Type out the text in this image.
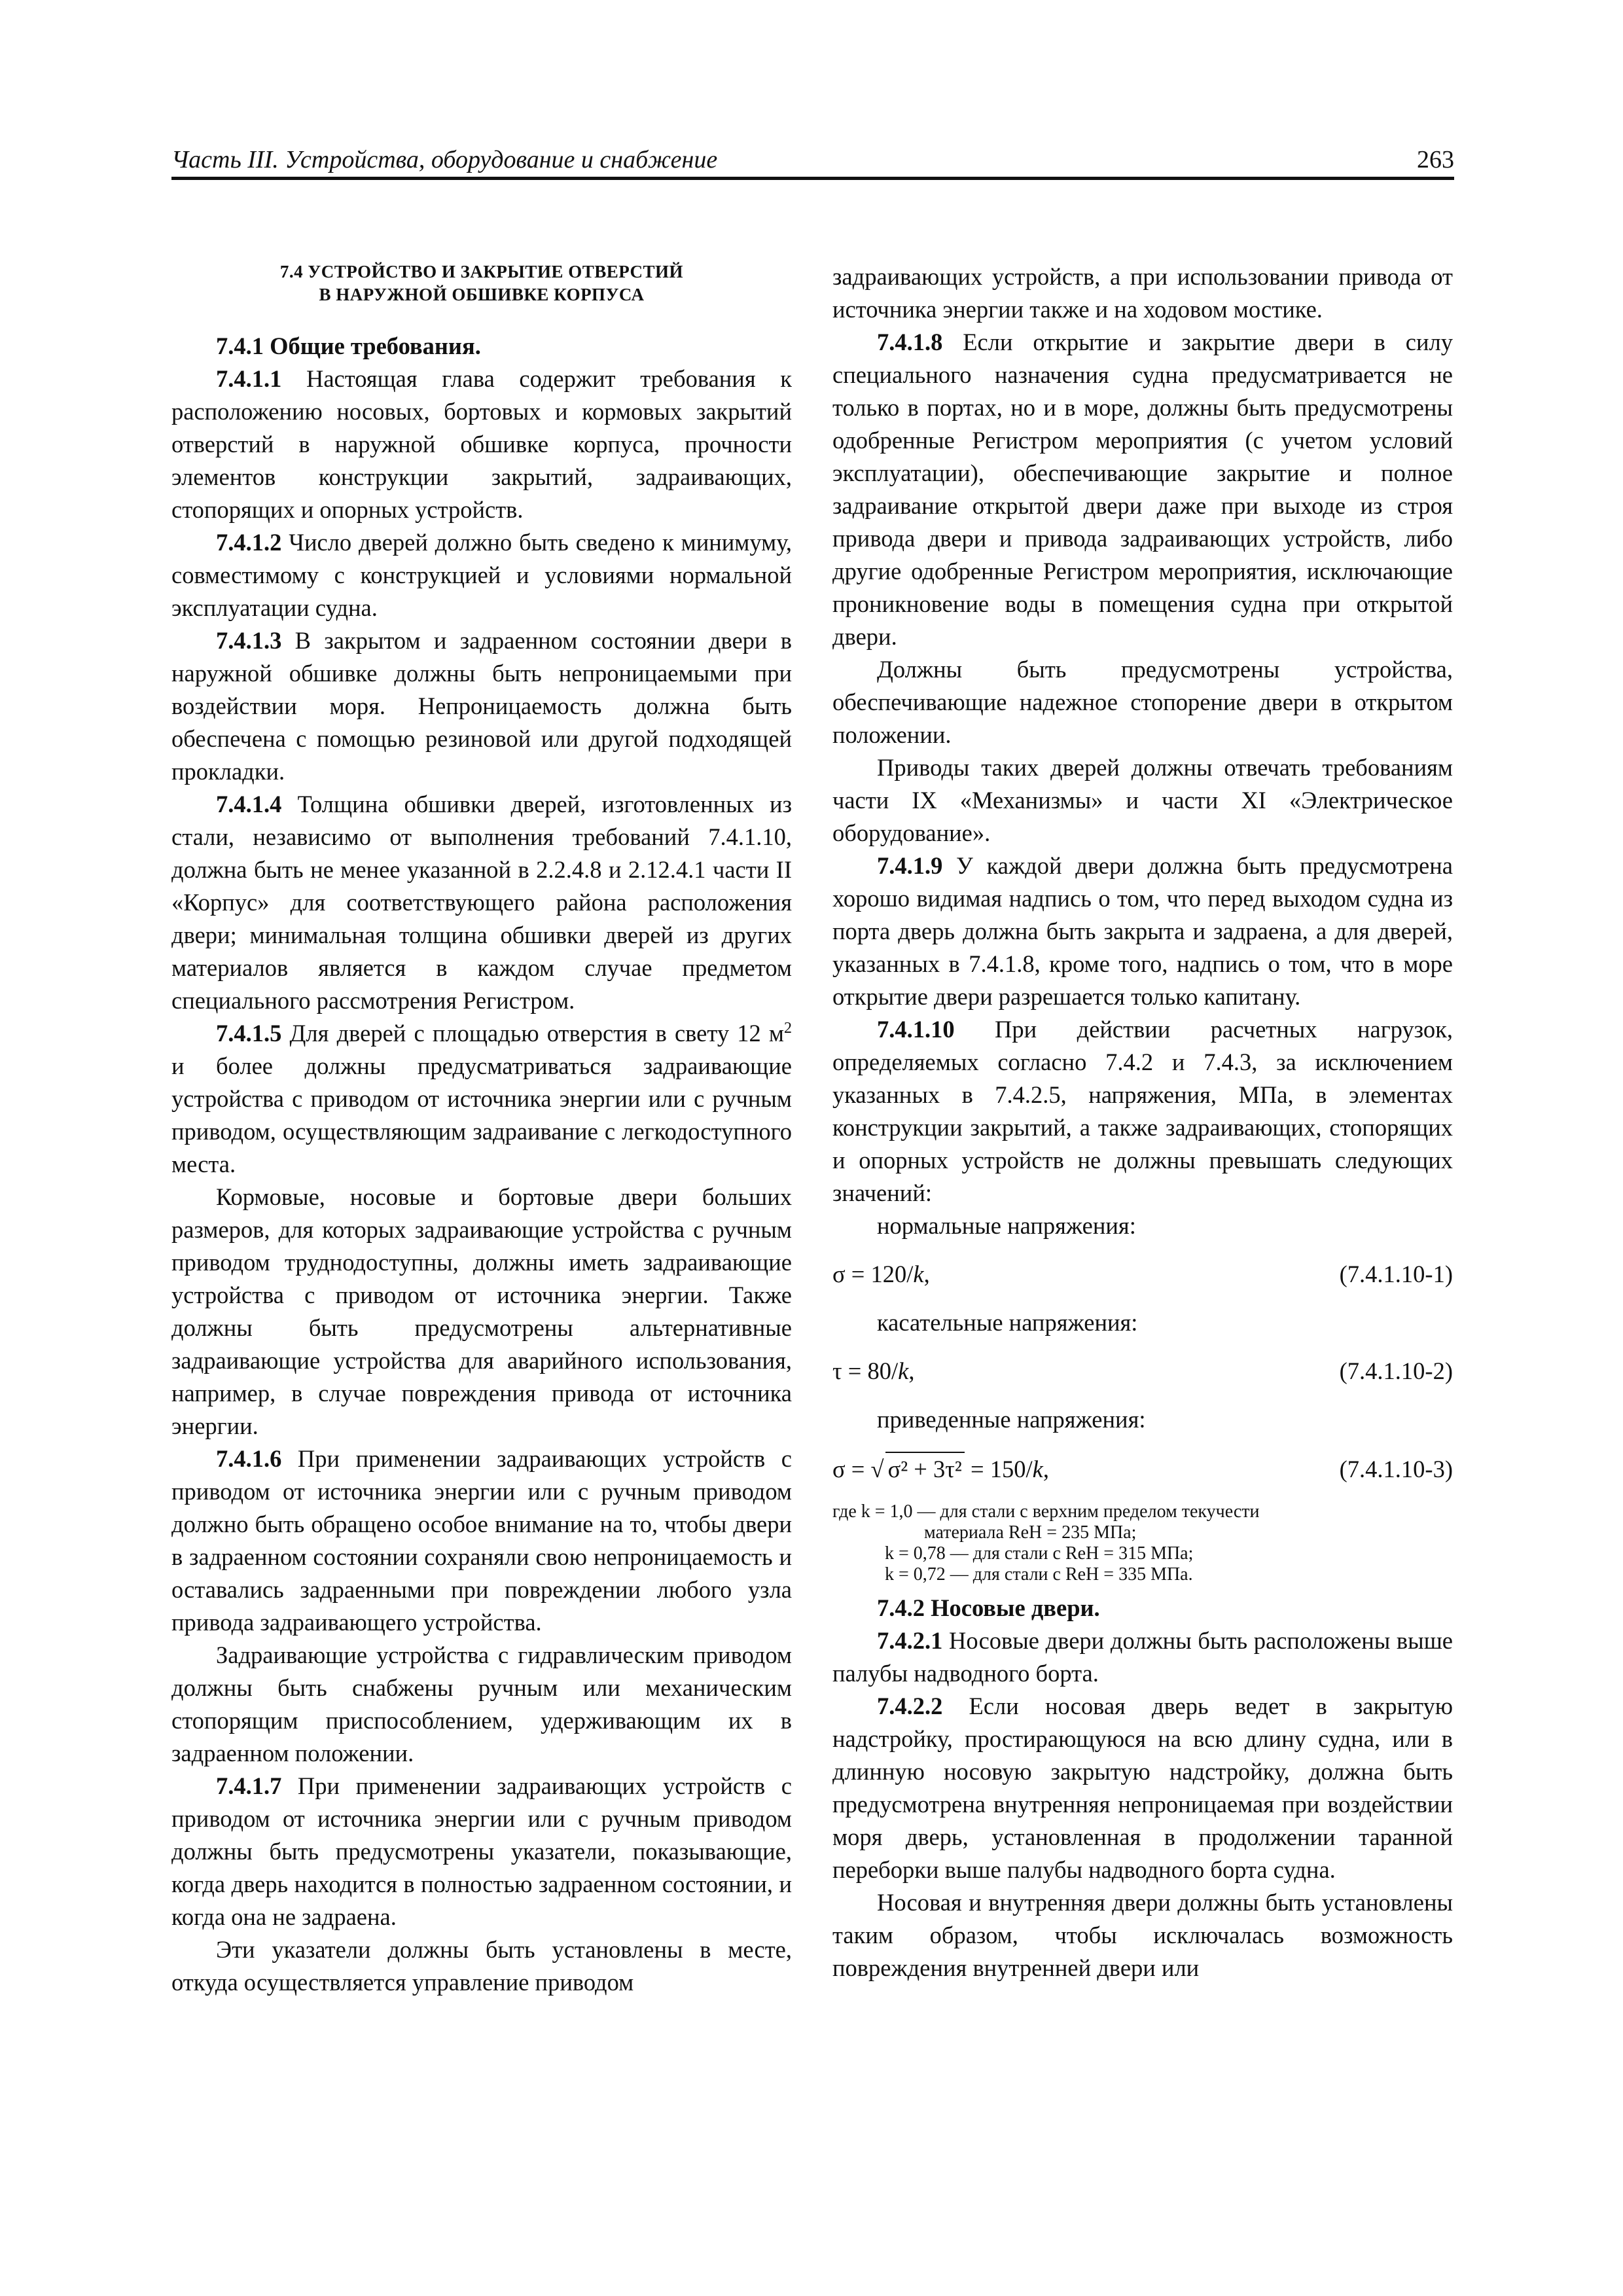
Часть III. Устройства, оборудование и снабжение	263

7.4 УСТРОЙСТВО И ЗАКРЫТИЕ ОТВЕРСТИЙ
В НАРУЖНОЙ ОБШИВКЕ КОРПУСА

7.4.1 Общие требования.

7.4.1.1 Настоящая глава содержит требования к расположению носовых, бортовых и кормовых закрытий отверстий в наружной обшивке корпуса, прочности элементов конструкции закрытий, задраивающих, стопорящих и опорных устройств.

7.4.1.2 Число дверей должно быть сведено к минимуму, совместимому с конструкцией и условиями нормальной эксплуатации судна.

7.4.1.3 В закрытом и задраенном состоянии двери в наружной обшивке должны быть непроницаемыми при воздействии моря. Непроницаемость должна быть обеспечена с помощью резиновой или другой подходящей прокладки.

7.4.1.4 Толщина обшивки дверей, изготовленных из стали, независимо от выполнения требований 7.4.1.10, должна быть не менее указанной в 2.2.4.8 и 2.12.4.1 части II «Корпус» для соответствующего района расположения двери; минимальная толщина обшивки дверей из других материалов является в каждом случае предметом специального рассмотрения Регистром.

7.4.1.5 Для дверей с площадью отверстия в свету 12 $м^2$ и более должны предусматриваться задраивающие устройства с приводом от источника энергии или с ручным приводом, осуществляющим задраивание с легкодоступного места.

Кормовые, носовые и бортовые двери больших размеров, для которых задраивающие устройства с ручным приводом труднодоступны, должны иметь задраивающие устройства с приводом от источника энергии. Также должны быть предусмотрены альтернативные задраивающие устройства для аварийного использования, например, в случае повреждения привода от источника энергии.

7.4.1.6 При применении задраивающих устройств с приводом от источника энергии или с ручным приводом должно быть обращено особое внимание на то, чтобы двери в задраенном состоянии сохраняли свою непроницаемость и оставались задраенными при повреждении любого узла привода задраивающего устройства.

Задраивающие устройства с гидравлическим приводом должны быть снабжены ручным или механическим стопорящим приспособлением, удерживающим их в задраенном положении.

7.4.1.7 При применении задраивающих устройств с приводом от источника энергии или с ручным приводом должны быть предусмотрены указатели, показывающие, когда дверь находится в полностью задраенном состоянии, и когда она не задраена.

Эти указатели должны быть установлены в месте, откуда осуществляется управление приводом

задраивающих устройств, а при использовании привода от источника энергии также и на ходовом мостике.

7.4.1.8 Если открытие и закрытие двери в силу специального назначения судна предусматривается не только в портах, но и в море, должны быть предусмотрены одобренные Регистром мероприятия (с учетом условий эксплуатации), обеспечивающие закрытие и полное задраивание открытой двери даже при выходе из строя привода двери и привода задраивающих устройств, либо другие одобренные Регистром мероприятия, исключающие проникновение воды в помещения судна при открытой двери.

Должны быть предусмотрены устройства, обеспечивающие надежное стопорение двери в открытом положении.

Приводы таких дверей должны отвечать требованиям части IX «Механизмы» и части XI «Электрическое оборудование».

7.4.1.9 У каждой двери должна быть предусмотрена хорошо видимая надпись о том, что перед выходом судна из порта дверь должна быть закрыта и задраена, а для дверей, указанных в 7.4.1.8, кроме того, надпись о том, что в море открытие двери разрешается только капитану.

7.4.1.10 При действии расчетных нагрузок, определяемых согласно 7.4.2 и 7.4.3, за исключением указанных в 7.4.2.5, напряжения, МПа, в элементах конструкции закрытий, а также задраивающих, стопорящих и опорных устройств не должны превышать следующих значений:

нормальные напряжения:

σ = 120/k,	(7.4.1.10-1)

касательные напряжения:

τ = 80/k,	(7.4.1.10-2)

приведенные напряжения:

σ = √ σ² + 3τ² = 150/k,	(7.4.1.10-3)

где k = 1,0 — для стали с верхним пределом текучести
материала ReH = 235 МПа;
k = 0,78 — для стали с ReH = 315 МПа;
k = 0,72 — для стали с ReH = 335 МПа.

7.4.2 Носовые двери.

7.4.2.1 Носовые двери должны быть расположены выше палубы надводного борта.

7.4.2.2 Если носовая дверь ведет в закрытую надстройку, простирающуюся на всю длину судна, или в длинную носовую закрытую надстройку, должна быть предусмотрена внутренняя непроницаемая при воздействии моря дверь, установленная в продолжении таранной переборки выше палубы надводного борта судна.

Носовая и внутренняя двери должны быть установлены таким образом, чтобы исключалась возможность повреждения внутренней двери или
